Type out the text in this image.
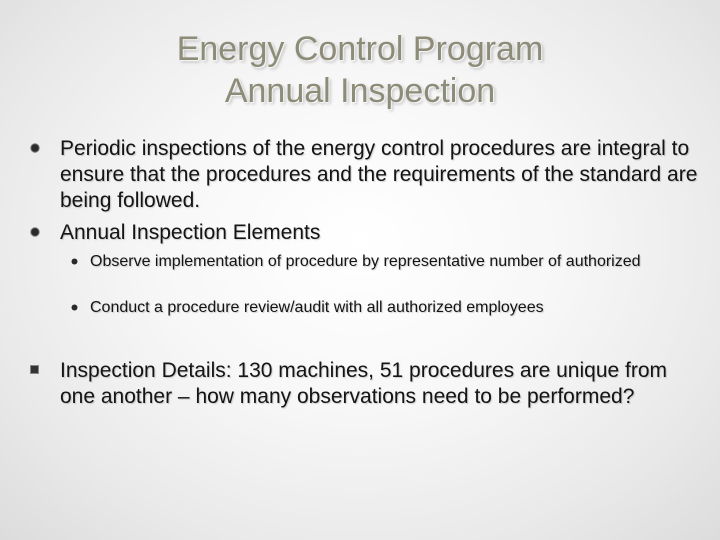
Energy Control Program
Annual Inspection
Periodic inspections of the energy control procedures are integral to ensure that the procedures and the requirements of the standard are being followed.
Annual Inspection Elements
Observe implementation of procedure by representative number of authorized
Conduct a procedure review/audit with all authorized employees
Inspection Details: 130 machines, 51 procedures are unique from one another – how many observations need to be performed?
